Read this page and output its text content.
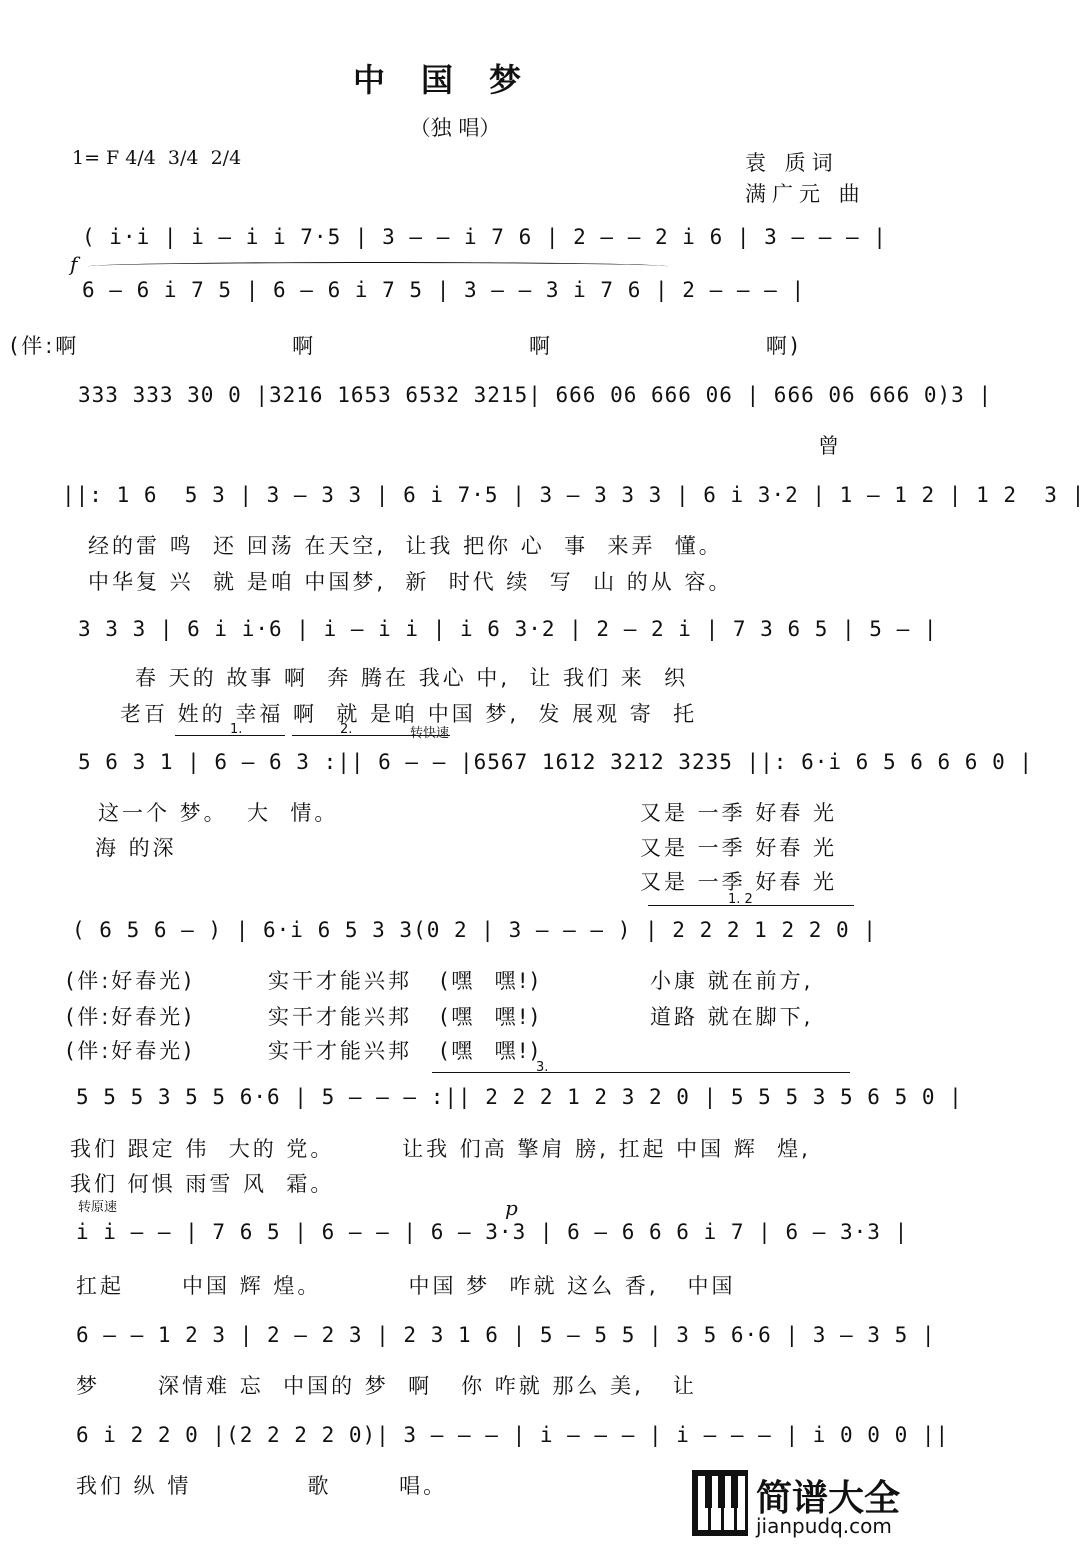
中国梦
（独 唱）
1= F 4/4  3/4  2/4	袁 质词
满广元 曲
( i·i | i — i i 7·5 | 3 — — i 7 6 | 2 — — 2 i 6 | 3 — — — |
f
6 — 6 i 7 5 | 6 — 6 i 7 5 | 3 — — 3 i 7 6 | 2 — — — |
(伴:啊                      啊                      啊                      啊)
333 333 30 0 |3216 1653 6532 3215| 666 06 666 06 | 666 06 666 0)3 |
曾
||: 1 6  5 3 | 3 — 3 3 | 6 i 7·5 | 3 — 3 3 3 | 6 i 3·2 | 1 — 1 2 | 1 2  3 |
经的雷 鸣  还 回荡 在天空,  让我 把你 心  事  来弄  懂。
中华复 兴  就 是咱 中国梦,  新  时代 续  写  山 的从 容。
3 3 3 | 6 i i·6 | i — i i | i 6 3·2 | 2 — 2 i | 7 3 6 5 | 5 — |
春 天的 故事 啊  奔 腾在 我心 中,  让 我们 来  织
老百 姓的 幸福 啊  就 是咱 中国 梦,  发 展观 寄  托
1.	2.	转快速
5 6 3 1 | 6 — 6 3 :|| 6 — — |6567 1612 3212 3235 ||: 6·i 6 5 6 6 6 0 |
这一个 梦。  大  情。
海 的深
又是 一季 好春 光
又是 一季 好春 光
又是 一季 好春 光
1. 2
( 6 5 6 — ) | 6·i 6 5 3 3(0 2 | 3 — — — ) | 2 2 2 1 2 2 0 |
(伴:好春光)	实干才能兴邦 (嘿  嘿!)	小康 就在前方,
(伴:好春光)	实干才能兴邦 (嘿  嘿!)	道路 就在脚下,
(伴:好春光)	实干才能兴邦 (嘿  嘿!)
3.
5 5 5 3 5 5 6·6 | 5 — — — :|| 2 2 2 1 2 3 2 0 | 5 5 5 3 5 6 5 0 |
我们 跟定 伟  大的 党。       让我 们高 擎肩 膀, 扛起 中国 辉  煌,
我们 何惧 雨雪 风  霜。
转原速	p
i i — — | 7 6 5 | 6 — — | 6 — 3·3 | 6 — 6 6 6 i 7 | 6 — 3·3 |
扛起      中国 辉 煌。         中国 梦  咋就 这么 香,   中国
6 — — 1 2 3 | 2 — 2 3 | 2 3 1 6 | 5 — 5 5 | 3 5 6·6 | 3 — 3 5 |
梦      深情难 忘  中国的 梦  啊   你 咋就 那么 美,   让
6 i 2 2 0 |(2 2 2 2 0)| 3 — — — | i — — — | i — — — | i 0 0 0 ||
我们 纵 情            歌       唱。	简谱大全
jianpudq.com
